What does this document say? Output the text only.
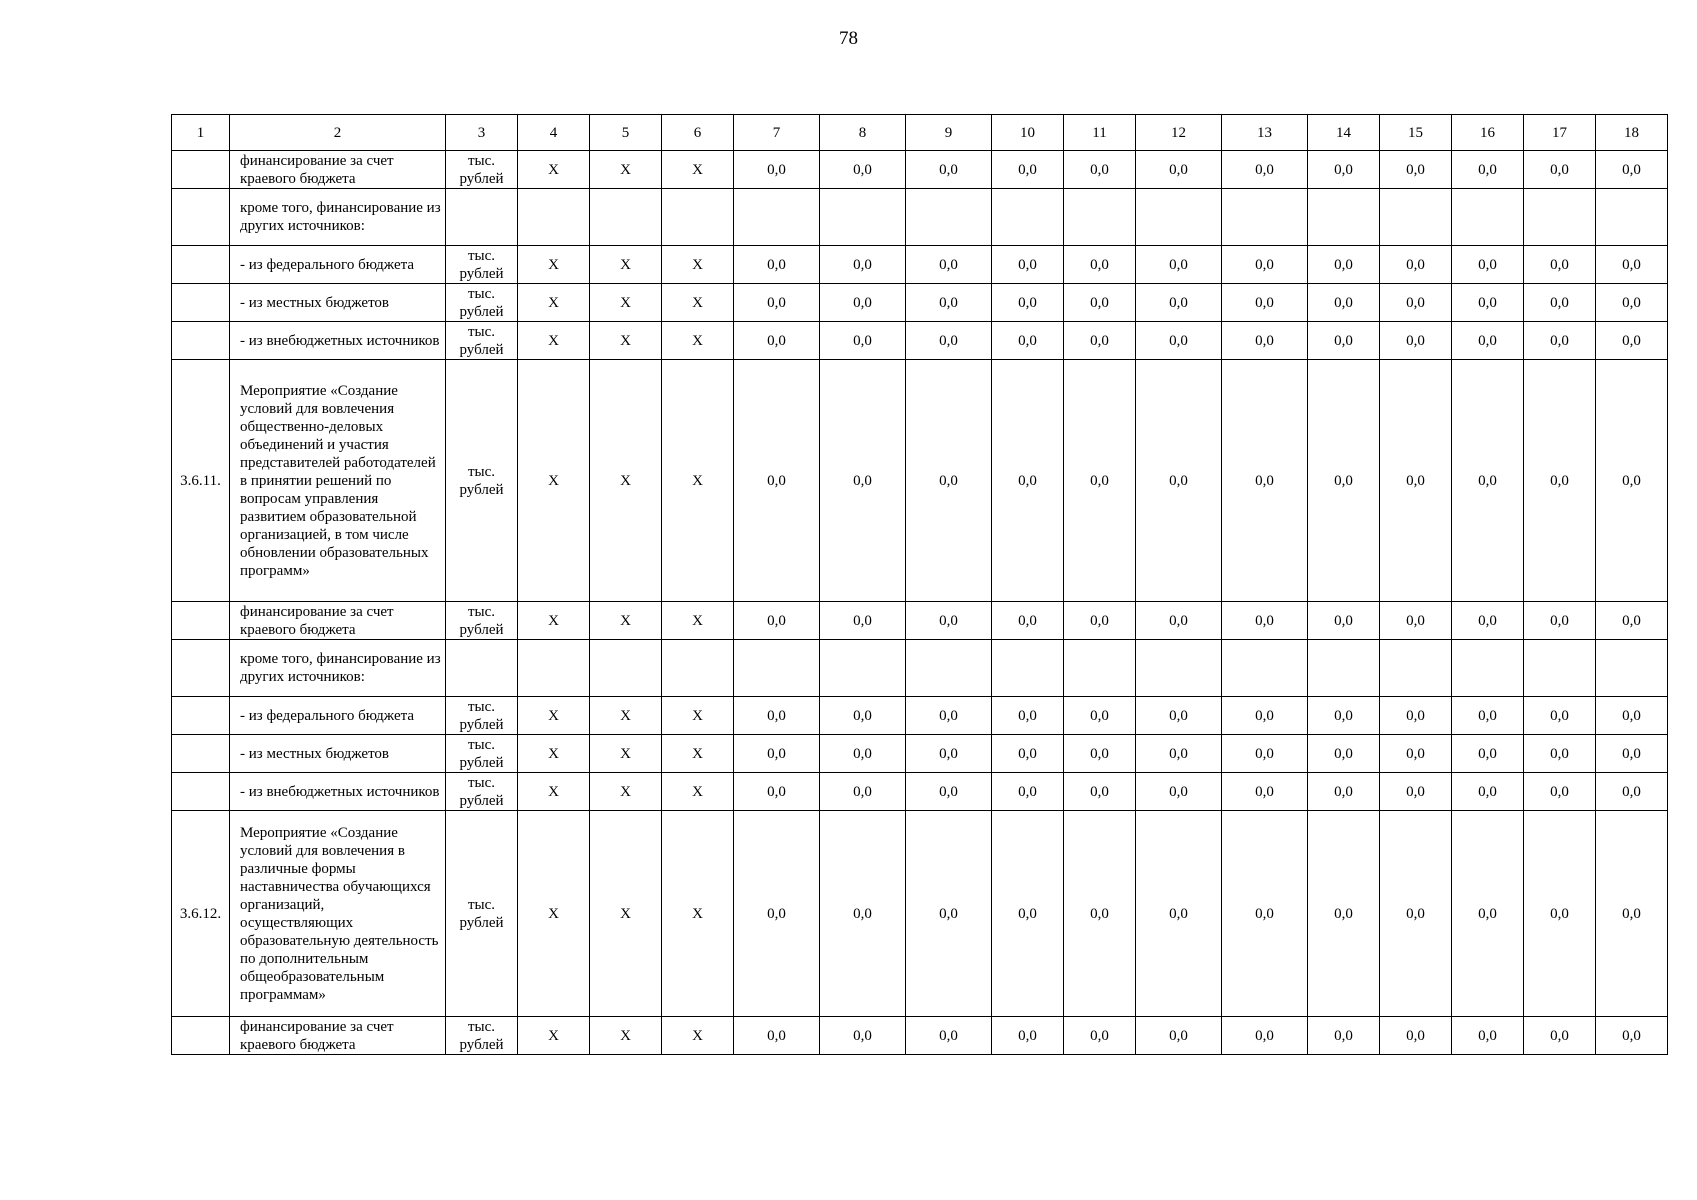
78
1	2	3	4	5	6	7	8	9	10	11	12	13	14	15	16	17	18
	финансирование за счет краевого бюджета	тыс. рублей	Х	Х	Х	0,0	0,0	0,0	0,0	0,0	0,0	0,0	0,0	0,0	0,0	0,0	0,0
	кроме того, финансирование из других источников:																
	- из федерального бюджета	тыс. рублей	Х	Х	Х	0,0	0,0	0,0	0,0	0,0	0,0	0,0	0,0	0,0	0,0	0,0	0,0
	- из местных бюджетов	тыс. рублей	Х	Х	Х	0,0	0,0	0,0	0,0	0,0	0,0	0,0	0,0	0,0	0,0	0,0	0,0
	- из внебюджетных источников	тыс. рублей	Х	Х	Х	0,0	0,0	0,0	0,0	0,0	0,0	0,0	0,0	0,0	0,0	0,0	0,0
3.6.11.	Мероприятие «Создание условий для вовлечения общественно-деловых объединений и участия представителей работодателей в принятии решений по вопросам управления развитием образовательной организацией, в том числе обновлении образовательных программ»	тыс. рублей	Х	Х	Х	0,0	0,0	0,0	0,0	0,0	0,0	0,0	0,0	0,0	0,0	0,0	0,0
	финансирование за счет краевого бюджета	тыс. рублей	Х	Х	Х	0,0	0,0	0,0	0,0	0,0	0,0	0,0	0,0	0,0	0,0	0,0	0,0
	кроме того, финансирование из других источников:																
	- из федерального бюджета	тыс. рублей	Х	Х	Х	0,0	0,0	0,0	0,0	0,0	0,0	0,0	0,0	0,0	0,0	0,0	0,0
	- из местных бюджетов	тыс. рублей	Х	Х	Х	0,0	0,0	0,0	0,0	0,0	0,0	0,0	0,0	0,0	0,0	0,0	0,0
	- из внебюджетных источников	тыс. рублей	Х	Х	Х	0,0	0,0	0,0	0,0	0,0	0,0	0,0	0,0	0,0	0,0	0,0	0,0
3.6.12.	Мероприятие «Создание условий для вовлечения в различные формы наставничества обучающихся организаций, осуществляющих образовательную деятельность по дополнительным общеобразовательным программам»	тыс. рублей	Х	Х	Х	0,0	0,0	0,0	0,0	0,0	0,0	0,0	0,0	0,0	0,0	0,0	0,0
	финансирование за счет краевого бюджета	тыс. рублей	Х	Х	Х	0,0	0,0	0,0	0,0	0,0	0,0	0,0	0,0	0,0	0,0	0,0	0,0
